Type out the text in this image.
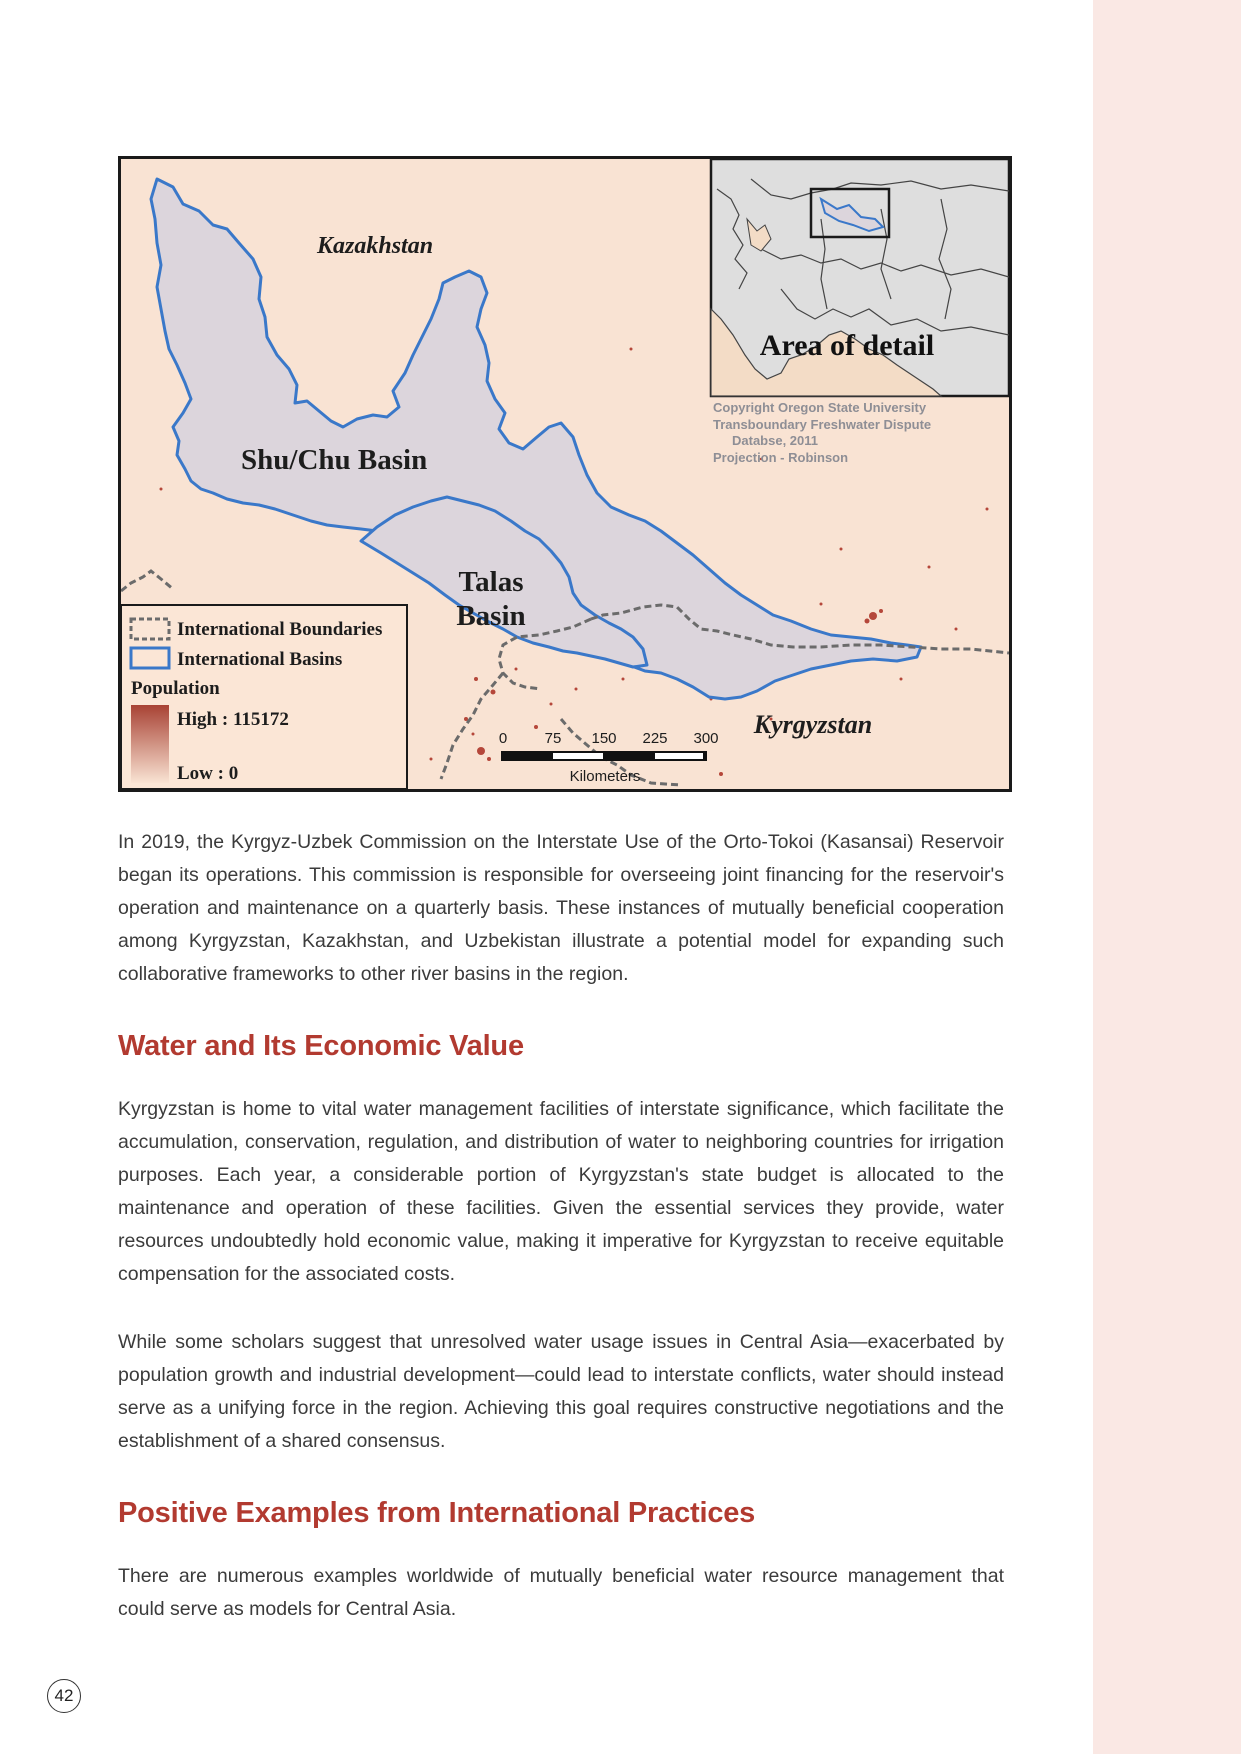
Kazakhstan
Shu/Chu Basin
Talas
Basin
Kyrgyzstan
Area of detail
Copyright Oregon State University
Transboundary Freshwater Dispute
Databse, 2011
Projection - Robinson
International Boundaries
International Basins
Population
High : 115172
Low : 0
0 75 150 225 300
Kilometers

In 2019, the Kyrgyz-Uzbek Commission on the Interstate Use of the Orto-Tokoi (Kasansai) Reservoir began its operations. This commission is responsible for overseeing joint financing for the reservoir's operation and maintenance on a quarterly basis. These instances of mutually beneficial cooperation among Kyrgyzstan, Kazakhstan, and Uzbekistan illustrate a potential model for expanding such collaborative frameworks to other river basins in the region.

Water and Its Economic Value

Kyrgyzstan is home to vital water management facilities of interstate significance, which facilitate the accumulation, conservation, regulation, and distribution of water to neighboring countries for irrigation purposes. Each year, a considerable portion of Kyrgyzstan's state budget is allocated to the maintenance and operation of these facilities. Given the essential services they provide, water resources undoubtedly hold economic value, making it imperative for Kyrgyzstan to receive equitable compensation for the associated costs.

While some scholars suggest that unresolved water usage issues in Central Asia—exacerbated by population growth and industrial development—could lead to interstate conflicts, water should instead serve as a unifying force in the region. Achieving this goal requires constructive negotiations and the establishment of a shared consensus.

Positive Examples from International Practices

There are numerous examples worldwide of mutually beneficial water resource management that could serve as models for Central Asia.

42
